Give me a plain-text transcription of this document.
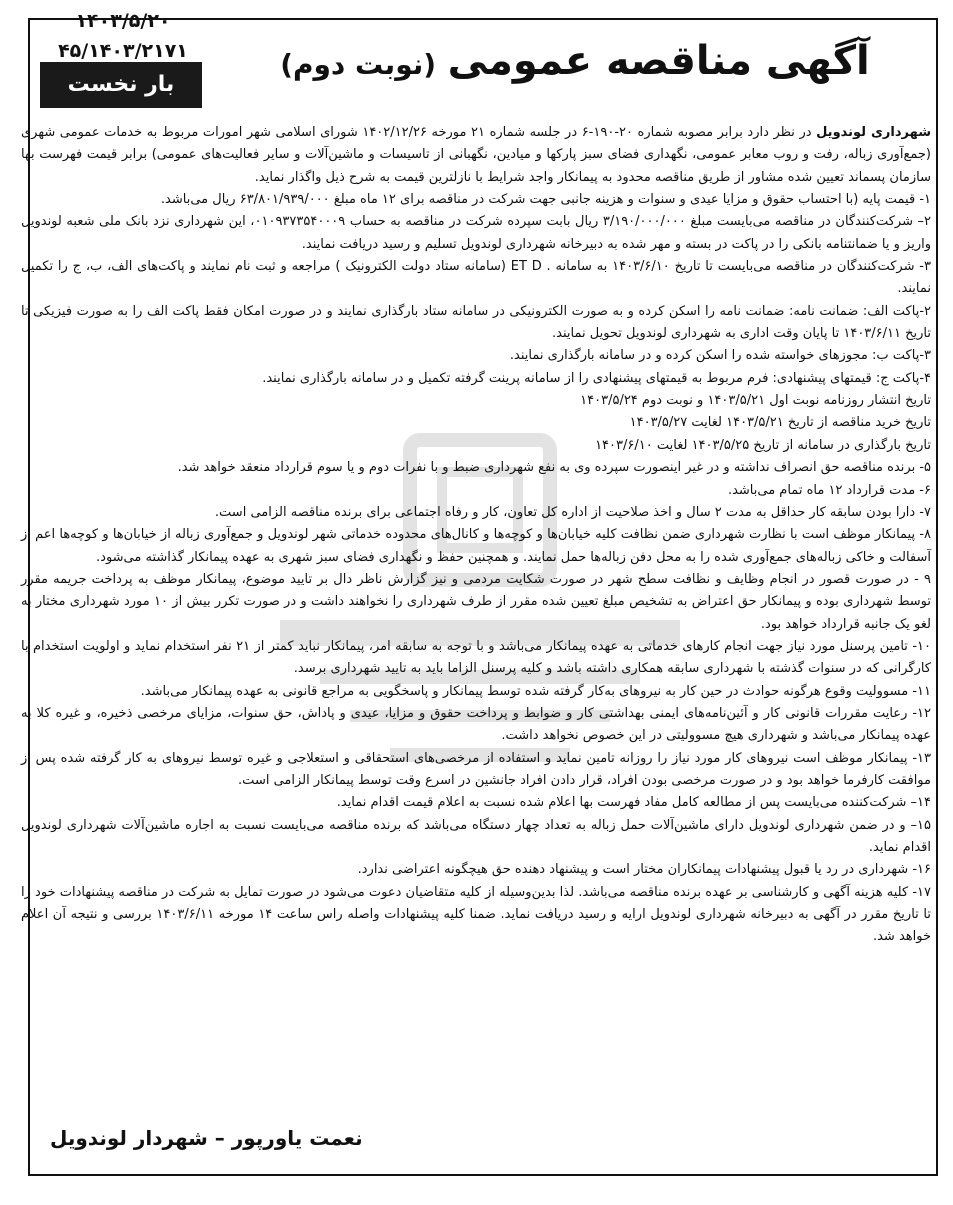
۱۴۰۳/۵/۲۰
۴۵/۱۴۰۳/۲۱۷۱
بار نخست
آگهی مناقصه عمومی (نوبت دوم)

شهرداری لوندویل در نظر دارد برابر مصوبه شماره ۲۰-۱۹۰-۶ در جلسه شماره ۲۱ مورخه ۱۴۰۲/۱۲/۲۶ شورای اسلامی شهر امورات مربوط به خدمات عمومی شهری (جمع‌آوری زباله، رفت و روب معابر عمومی، نگهداری فضای سبز پارکها و میادین، نگهبانی از تاسیسات و ماشین‌آلات و سایر فعالیت‌های عمومی) برابر قیمت فهرست بها سازمان پسماند تعیین شده مشاور از طریق مناقصه محدود به پیمانکار واجد شرایط با نازلترین قیمت به شرح ذیل واگذار نماید.

۱- قیمت پایه (با احتساب حقوق و مزایا عیدی و سنوات و هزینه جانبی جهت شرکت در مناقصه برای ۱۲ ماه مبلغ ۶۳/۸۰۱/۹۳۹/۰۰۰ ریال می‌باشد.

۲– شرکت‌کنندگان در مناقصه می‌بایست مبلغ ۳/۱۹۰/۰۰۰/۰۰۰ ریال بابت سپرده شرکت در مناقصه به حساب ۰۱۰۹۳۷۳۵۴۰۰۰۹، این شهرداری نزد بانک ملی شعبه لوندویل واریز و یا ضمانتنامه بانکی را در پاکت در بسته و مهر شده به دبیرخانه شهرداری لوندویل تسلیم و رسید دریافت نمایند.

۳- شرکت‌کنندگان در مناقصه می‌بایست تا تاریخ ۱۴۰۳/۶/۱۰ به سامانه . ET D (سامانه ستاد دولت الکترونیک ) مراجعه و ثبت نام نمایند و پاکت‌های الف، ب، ج را تکمیل نمایند.

۲-پاکت الف: ضمانت نامه: ضمانت نامه را اسکن کرده و به صورت الکترونیکی در سامانه ستاد بارگذاری نمایند و در صورت امکان فقط پاکت الف را به صورت فیزیکی تا تاریخ ۱۴۰۳/۶/۱۱ تا پایان وقت اداری به شهرداری لوندویل تحویل نمایند.

۳-پاکت ب: مجوزهای خواسته شده را اسکن کرده و در سامانه بارگذاری نمایند.

۴-پاکت ج: قیمتهای پیشنهادی: فرم مربوط به قیمتهای پیشنهادی را از سامانه پرینت گرفته تکمیل و در سامانه بارگذاری نمایند.

تاریخ انتشار روزنامه نوبت اول ۱۴۰۳/۵/۲۱ و نوبت دوم ۱۴۰۳/۵/۲۴

تاریخ خرید مناقصه از تاریخ ۱۴۰۳/۵/۲۱ لغایت ۱۴۰۳/۵/۲۷

تاریخ بارگذاری در سامانه از تاریخ ۱۴۰۳/۵/۲۵ لغایت ۱۴۰۳/۶/۱۰

۵- برنده مناقصه حق انصراف نداشته و در غیر اینصورت سپرده وی به نفع شهرداری ضبط و با نفرات دوم و یا سوم قرارداد منعقد خواهد شد.

۶- مدت قرارداد ۱۲ ماه تمام می‌باشد.

۷- دارا بودن سابقه کار حداقل به مدت ۲ سال و اخذ صلاحیت از اداره کل تعاون، کار و رفاه اجتماعی برای برنده مناقصه الزامی است.

۸- پیمانکار موظف است با نظارت شهرداری ضمن نظافت کلیه خیابان‌ها و کوچه‌ها و کانال‌های محدوده خدماتی شهر لوندویل و جمع‌آوری زباله از خیابان‌ها و کوچه‌ها اعم از آسفالت و خاکی زباله‌های جمع‌آوری شده را به محل دفن زباله‌ها حمل نمایند. و همچنین حفظ و نگهداری فضای سبز شهری به عهده پیمانکار گذاشته می‌شود.

۹ - در صورت قصور در انجام وظایف و نظافت سطح شهر در صورت شکایت مردمی و نیز گزارش ناظر دال بر تایید موضوع، پیمانکار موظف به پرداخت جریمه مقرر توسط شهرداری بوده و پیمانکار حق اعتراض به تشخیص مبلغ تعیین شده مقرر از طرف شهرداری را نخواهند داشت و در صورت تکرر بیش از ۱۰ مورد شهرداری مختار به لغو یک جانبه قرارداد خواهد بود.

۱۰- تامین پرسنل مورد نیاز جهت انجام کارهای خدماتی به عهده پیمانکار می‌باشد و با توجه به سابقه امر، پیمانکار نباید کمتر از ۲۱ نفر استخدام نماید و اولویت استخدام با کارگرانی که در سنوات گذشته با شهرداری سابقه همکاری داشته باشد و کلیه پرسنل الزاما باید به تایید شهرداری برسد.

۱۱- مسوولیت وقوع هرگونه حوادث در حین کار به نیروهای به‌کار گرفته شده توسط پیمانکار و پاسخگویی به مراجع قانونی به عهده پیمانکار می‌باشد.

۱۲- رعایت مقررات قانونی کار و آئین‌نامه‌های ایمنی بهداشتی کار و ضوابط و پرداخت حقوق و مزایا، عیدی و پاداش، حق سنوات، مزایای مرخصی ذخیره، و غیره کلا به عهده پیمانکار می‌باشد و شهرداری هیچ مسوولیتی در این خصوص نخواهد داشت.

۱۳- پیمانکار موظف است نیروهای کار مورد نیاز را روزانه تامین نماید و استفاده از مرخصی‌های استحقاقی و استعلاجی و غیره توسط نیروهای به کار گرفته شده پس از موافقت کارفرما خواهد بود و در صورت مرخصی بودن افراد، قرار دادن افراد جانشین در اسرع وقت توسط پیمانکار الزامی است.

۱۴– شرکت‌کننده می‌بایست پس از مطالعه کامل مفاد فهرست بها اعلام شده نسبت به اعلام قیمت اقدام نماید.

۱۵– و در ضمن شهرداری لوندویل دارای ماشین‌آلات حمل زباله به تعداد چهار دستگاه می‌باشد که برنده مناقصه می‌بایست نسبت به اجاره ماشین‌آلات شهرداری لوندویل اقدام نماید.

۱۶- شهرداری در رد یا قبول پیشنهادات پیمانکاران مختار است و پیشنهاد دهنده حق هیچگونه اعتراضی ندارد.

۱۷- کلیه هزینه آگهی و کارشناسی بر عهده برنده مناقصه می‌باشد. لذا بدین‌وسیله از کلیه متقاضیان دعوت می‌شود در صورت تمایل به شرکت در مناقصه پیشنهادات خود را تا تاریخ مقرر در آگهی به دبیرخانه شهرداری لوندویل ارایه و رسید دریافت نماید. ضمنا کلیه پیشنهادات واصله راس ساعت ۱۴ مورخه ۱۴۰۳/۶/۱۱ بررسی و نتیجه آن اعلام خواهد شد.

نعمت یاورپور – شهردار لوندویل
